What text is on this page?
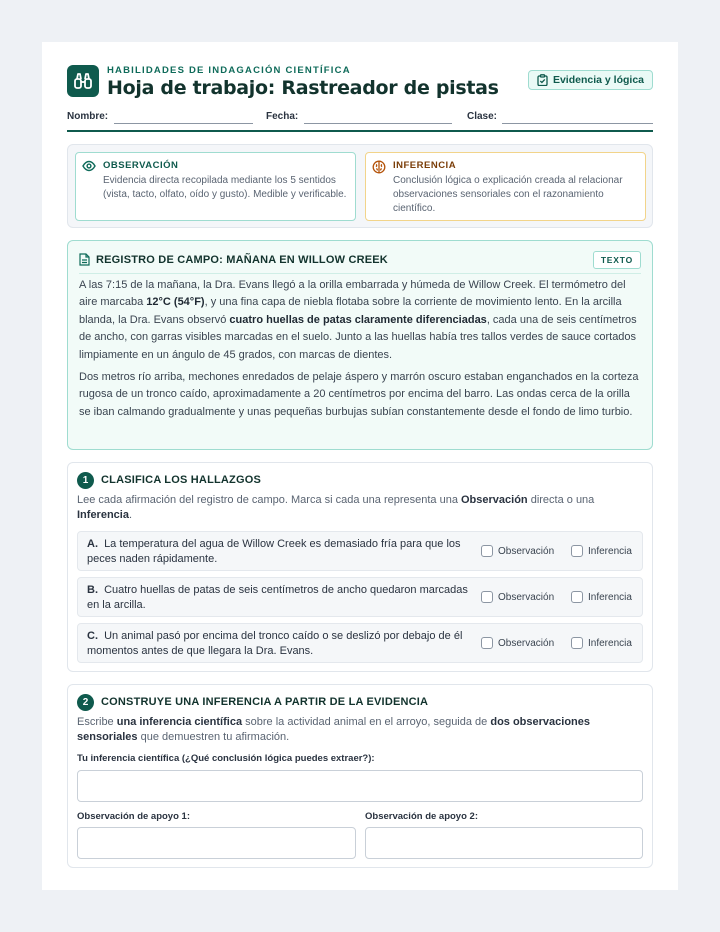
HABILIDADES DE INDAGACIÓN CIENTÍFICA
Hoja de trabajo: Rastreador de pistas	Evidencia y lógica
Nombre:	Fecha:	Clase:
OBSERVACIÓN

Evidencia directa recopilada mediante los 5 sentidos (vista, tacto, olfato, oído y gusto). Medible y verificable.

INFERENCIA

Conclusión lógica o explicación creada al relacionar observaciones sensoriales con el razonamiento científico.

REGISTRO DE CAMPO: MAÑANA EN WILLOW CREEK	TEXTO

A las 7:15 de la mañana, la Dra. Evans llegó a la orilla embarrada y húmeda de Willow Creek. El termómetro del aire marcaba 12°C (54°F), y una fina capa de niebla flotaba sobre la corriente de movimiento lento. En la arcilla blanda, la Dra. Evans observó cuatro huellas de patas claramente diferenciadas, cada una de seis centímetros de ancho, con garras visibles marcadas en el suelo. Junto a las huellas había tres tallos verdes de sauce cortados limpiamente en un ángulo de 45 grados, con marcas de dientes.

Dos metros río arriba, mechones enredados de pelaje áspero y marrón oscuro estaban enganchados en la corteza rugosa de un tronco caído, aproximadamente a 20 centímetros por encima del barro. Las ondas cerca de la orilla se iban calmando gradualmente y unas pequeñas burbujas subían constantemente desde el fondo de limo turbio.

1	CLASIFICA LOS HALLAZGOS
Lee cada afirmación del registro de campo. Marca si cada una representa una Observación directa o una Inferencia.
A. La temperatura del agua de Willow Creek es demasiado fría para que los peces naden rápidamente.
Observación	Inferencia
B. Cuatro huellas de patas de seis centímetros de ancho quedaron marcadas en la arcilla.
Observación	Inferencia
C. Un animal pasó por encima del tronco caído o se deslizó por debajo de él momentos antes de que llegara la Dra. Evans.
Observación	Inferencia
2	CONSTRUYE UNA INFERENCIA A PARTIR DE LA EVIDENCIA
Escribe una inferencia científica sobre la actividad animal en el arroyo, seguida de dos observaciones sensoriales que demuestren tu afirmación.
Tu inferencia científica (¿Qué conclusión lógica puedes extraer?):
Observación de apoyo 1:	Observación de apoyo 2:
